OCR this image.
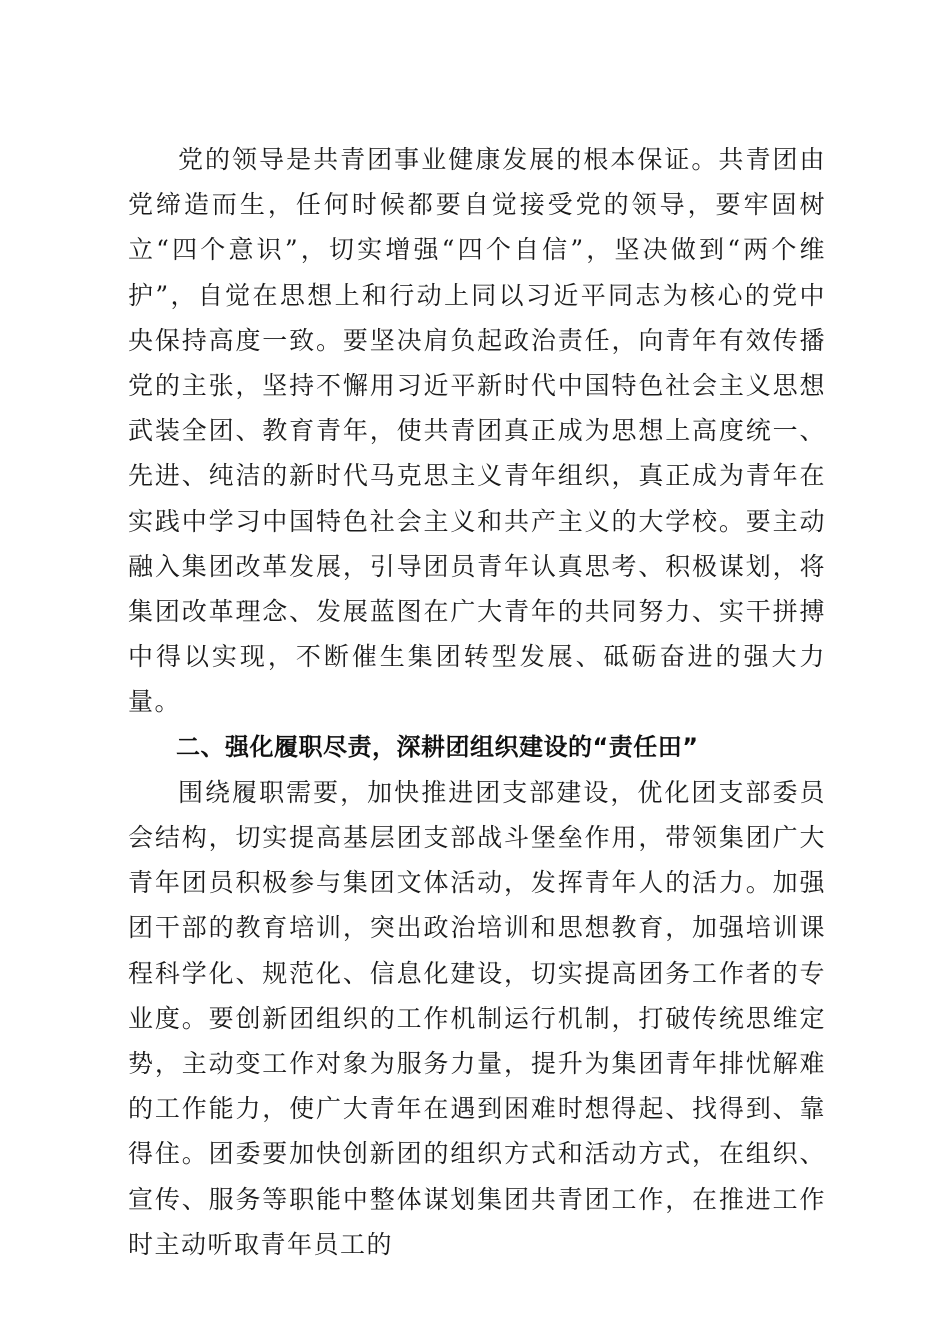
党的领导是共青团事业健康发展的根本保证。共青团由党缔造而生，任何时候都要自觉接受党的领导，要牢固树立“四个意识”，切实增强“四个自信”，坚决做到“两个维护”，自觉在思想上和行动上同以习近平同志为核心的党中央保持高度一致。要坚决肩负起政治责任，向青年有效传播党的主张，坚持不懈用习近平新时代中国特色社会主义思想武装全团、教育青年，使共青团真正成为思想上高度统一、先进、纯洁的新时代马克思主义青年组织，真正成为青年在实践中学习中国特色社会主义和共产主义的大学校。要主动融入集团改革发展，引导团员青年认真思考、积极谋划，将集团改革理念、发展蓝图在广大青年的共同努力、实干拼搏中得以实现，不断催生集团转型发展、砥砺奋进的强大力量。

二、强化履职尽责，深耕团组织建设的“责任田”

围绕履职需要，加快推进团支部建设，优化团支部委员会结构，切实提高基层团支部战斗堡垒作用，带领集团广大青年团员积极参与集团文体活动，发挥青年人的活力。加强团干部的教育培训，突出政治培训和思想教育，加强培训课程科学化、规范化、信息化建设，切实提高团务工作者的专业度。要创新团组织的工作机制运行机制，打破传统思维定势，主动变工作对象为服务力量，提升为集团青年排忧解难的工作能力，使广大青年在遇到困难时想得起、找得到、靠得住。团委要加快创新团的组织方式和活动方式，在组织、宣传、服务等职能中整体谋划集团共青团工作，在推进工作时主动听取青年员工的
